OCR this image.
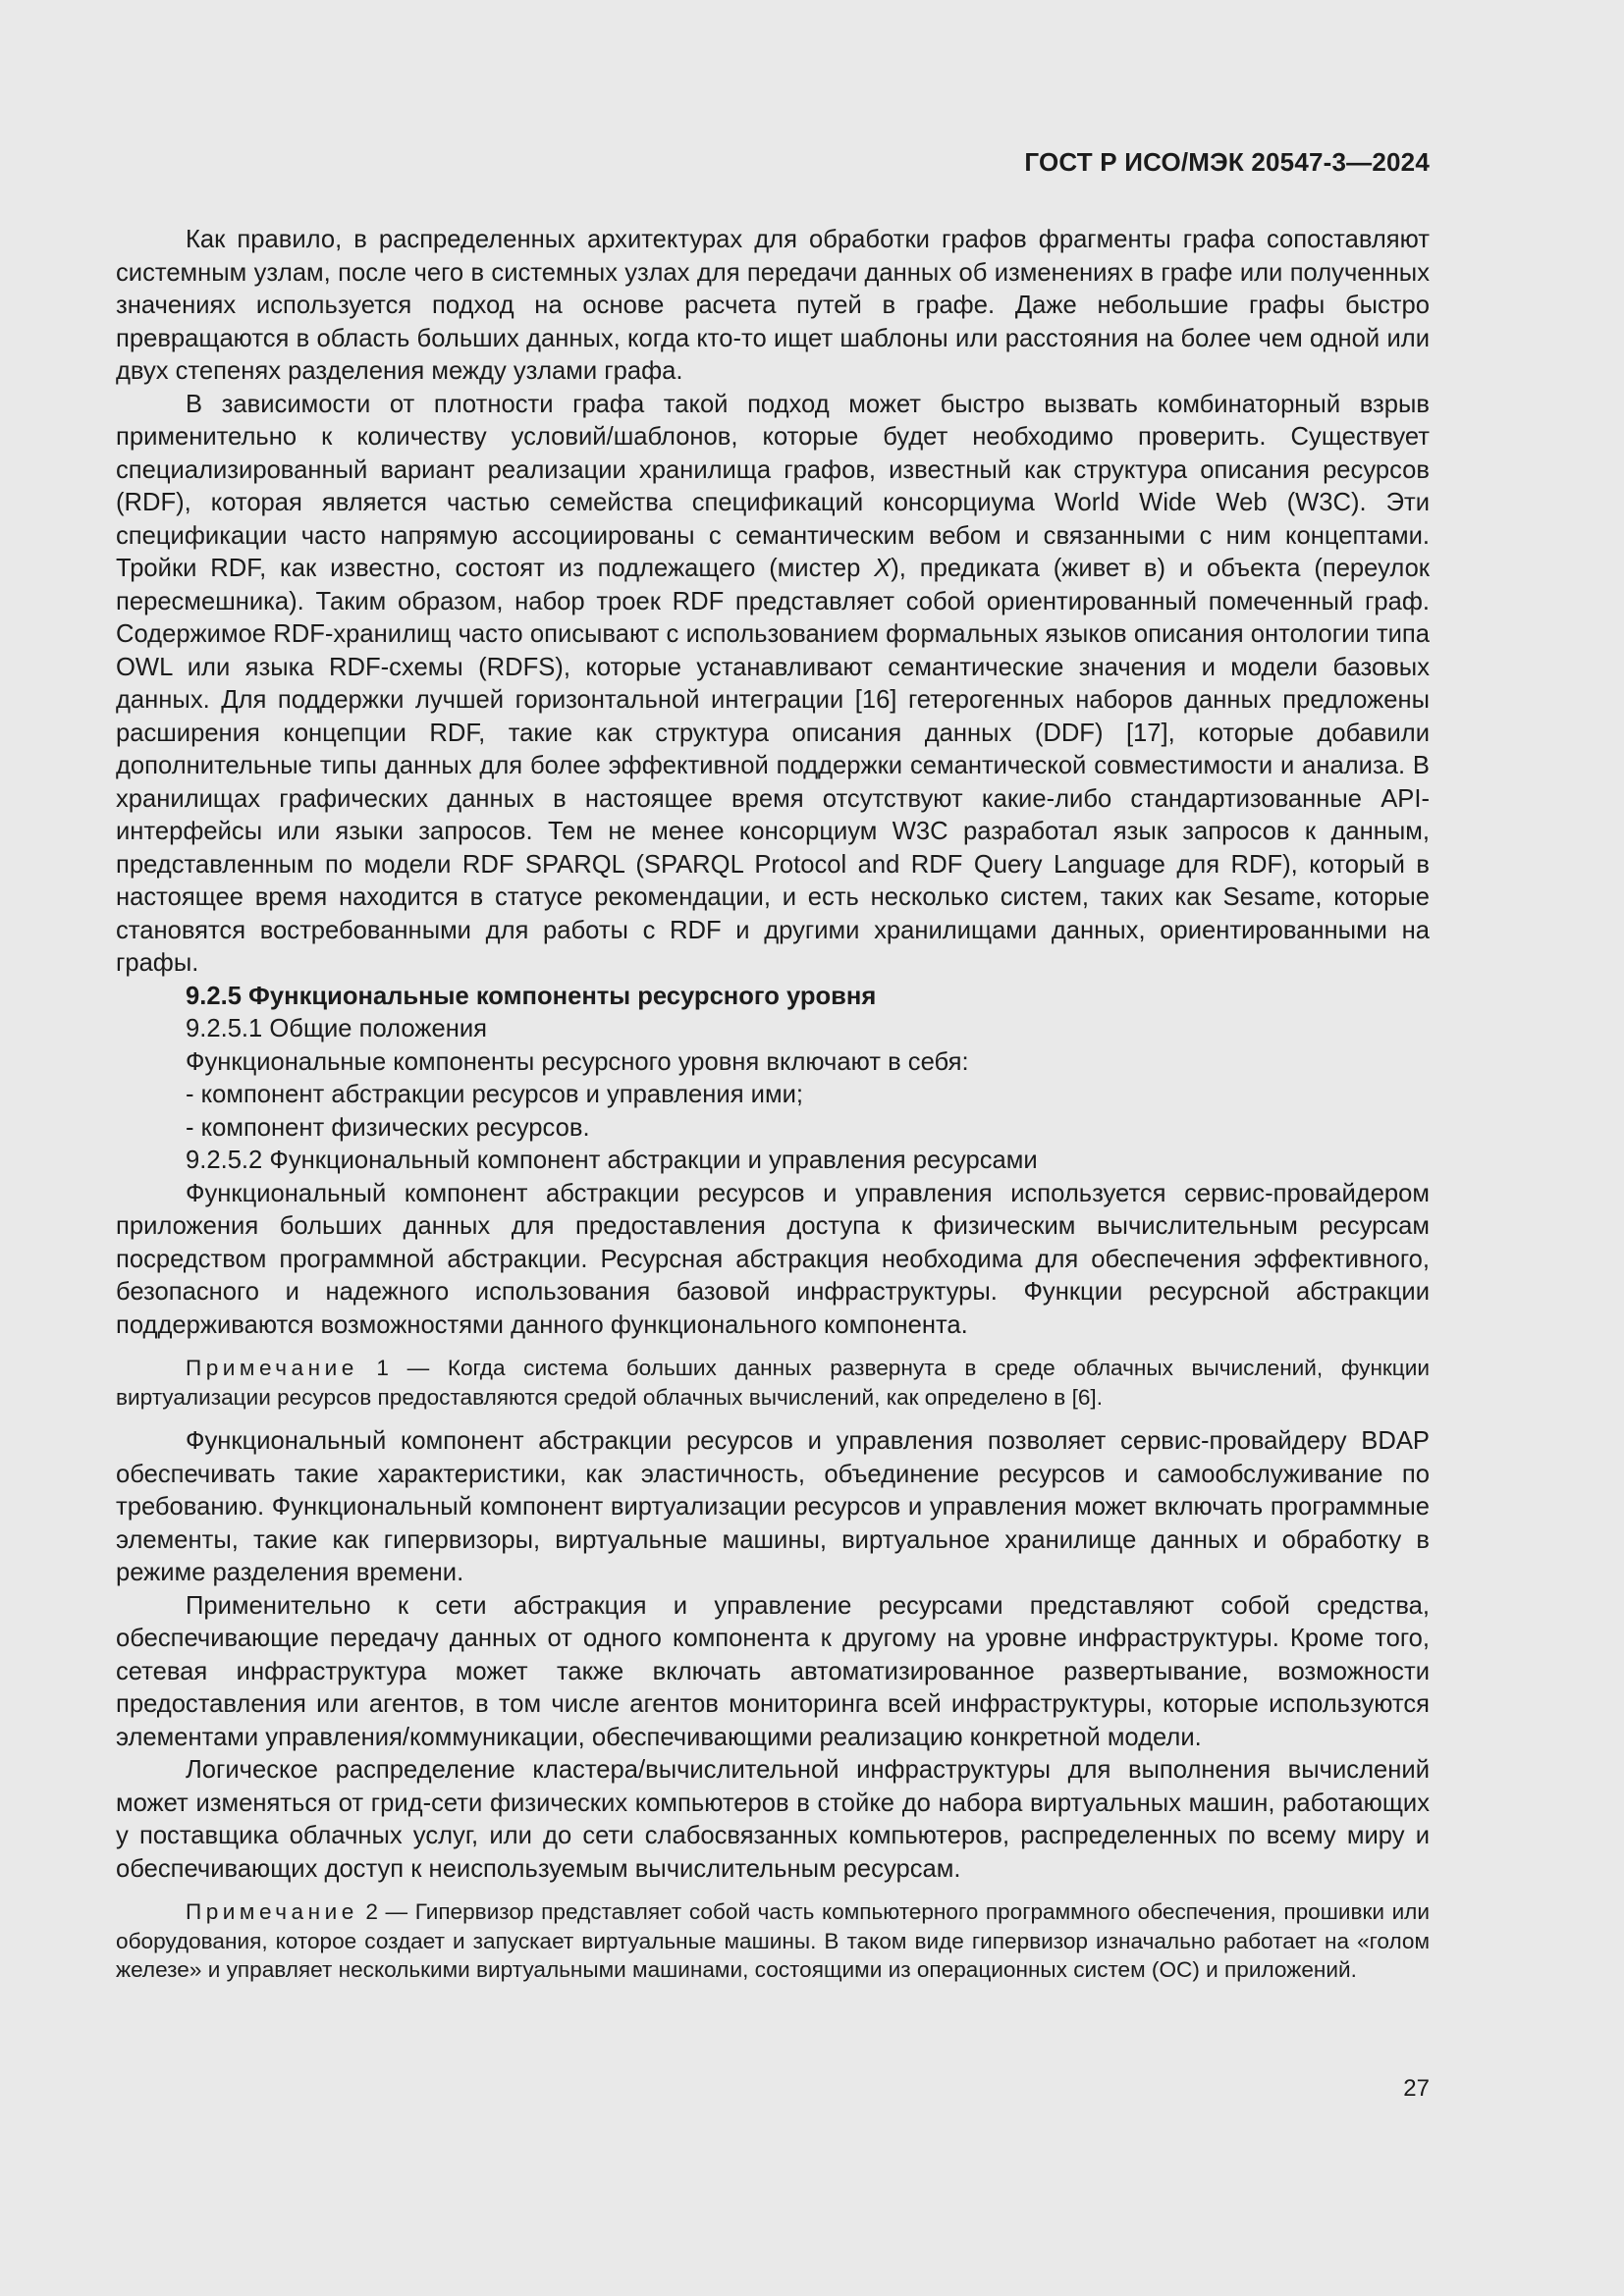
ГОСТ Р ИСО/МЭК 20547-3—2024

Как правило, в распределенных архитектурах для обработки графов фрагменты графа сопоставляют системным узлам, после чего в системных узлах для передачи данных об изменениях в графе или полученных значениях используется подход на основе расчета путей в графе. Даже небольшие графы быстро превращаются в область больших данных, когда кто-то ищет шаблоны или расстояния на более чем одной или двух степенях разделения между узлами графа.

В зависимости от плотности графа такой подход может быстро вызвать комбинаторный взрыв применительно к количеству условий/шаблонов, которые будет необходимо проверить. Существует специализированный вариант реализации хранилища графов, известный как структура описания ресурсов (RDF), которая является частью семейства спецификаций консорциума World Wide Web (W3C). Эти спецификации часто напрямую ассоциированы с семантическим вебом и связанными с ним концептами. Тройки RDF, как известно, состоят из подлежащего (мистер X), предиката (живет в) и объекта (переулок пересмешника). Таким образом, набор троек RDF представляет собой ориентированный помеченный граф. Содержимое RDF-хранилищ часто описывают с использованием формальных языков описания онтологии типа OWL или языка RDF-схемы (RDFS), которые устанавливают семантические значения и модели базовых данных. Для поддержки лучшей горизонтальной интеграции [16] гетерогенных наборов данных предложены расширения концепции RDF, такие как структура описания данных (DDF) [17], которые добавили дополнительные типы данных для более эффективной поддержки семантической совместимости и анализа. В хранилищах графических данных в настоящее время отсутствуют какие-либо стандартизованные API-интерфейсы или языки запросов. Тем не менее консорциум W3C разработал язык запросов к данным, представленным по модели RDF SPARQL (SPARQL Protocol and RDF Query Language для RDF), который в настоящее время находится в статусе рекомендации, и есть несколько систем, таких как Sesame, которые становятся востребованными для работы с RDF и другими хранилищами данных, ориентированными на графы.

9.2.5 Функциональные компоненты ресурсного уровня

9.2.5.1 Общие положения

Функциональные компоненты ресурсного уровня включают в себя:

- компонент абстракции ресурсов и управления ими;

- компонент физических ресурсов.

9.2.5.2 Функциональный компонент абстракции и управления ресурсами

Функциональный компонент абстракции ресурсов и управления используется сервис-провайдером приложения больших данных для предоставления доступа к физическим вычислительным ресурсам посредством программной абстракции. Ресурсная абстракция необходима для обеспечения эффективного, безопасного и надежного использования базовой инфраструктуры. Функции ресурсной абстракции поддерживаются возможностями данного функционального компонента.

Примечание 1 — Когда система больших данных развернута в среде облачных вычислений, функции виртуализации ресурсов предоставляются средой облачных вычислений, как определено в [6].

Функциональный компонент абстракции ресурсов и управления позволяет сервис-провайдеру BDAP обеспечивать такие характеристики, как эластичность, объединение ресурсов и самообслуживание по требованию. Функциональный компонент виртуализации ресурсов и управления может включать программные элементы, такие как гипервизоры, виртуальные машины, виртуальное хранилище данных и обработку в режиме разделения времени.

Применительно к сети абстракция и управление ресурсами представляют собой средства, обеспечивающие передачу данных от одного компонента к другому на уровне инфраструктуры. Кроме того, сетевая инфраструктура может также включать автоматизированное развертывание, возможности предоставления или агентов, в том числе агентов мониторинга всей инфраструктуры, которые используются элементами управления/коммуникации, обеспечивающими реализацию конкретной модели.

Логическое распределение кластера/вычислительной инфраструктуры для выполнения вычислений может изменяться от грид-сети физических компьютеров в стойке до набора виртуальных машин, работающих у поставщика облачных услуг, или до сети слабосвязанных компьютеров, распределенных по всему миру и обеспечивающих доступ к неиспользуемым вычислительным ресурсам.

Примечание 2 — Гипервизор представляет собой часть компьютерного программного обеспечения, прошивки или оборудования, которое создает и запускает виртуальные машины. В таком виде гипервизор изначально работает на «голом железе» и управляет несколькими виртуальными машинами, состоящими из операционных систем (ОС) и приложений.

27
